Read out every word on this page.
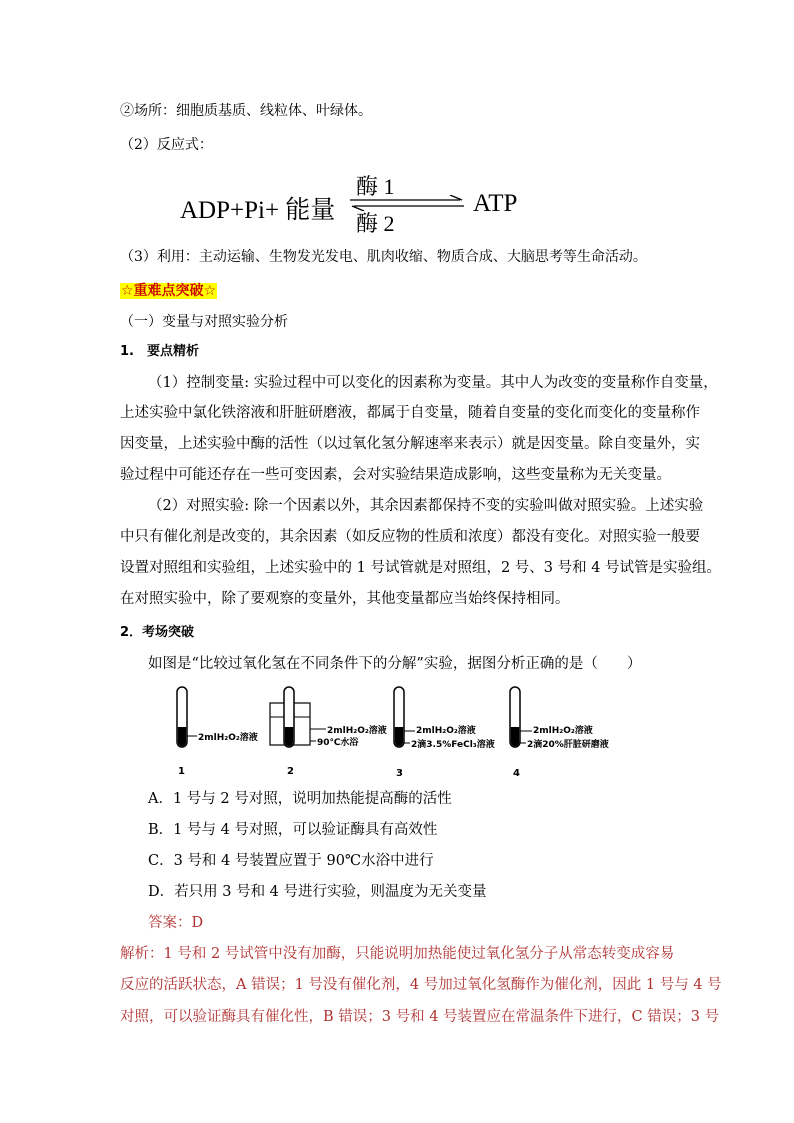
②场所：细胞质基质、线粒体、叶绿体。
（2）反应式：
ADP+Pi+ 能量
酶 1
酶 2
ATP
（3）利用：主动运输、生物发光发电、肌肉收缩、物质合成、大脑思考等生命活动。
☆重难点突破☆
（一）变量与对照实验分析
1.　要点精析
（1）控制变量: 实验过程中可以变化的因素称为变量。其中人为改变的变量称作自变量，
上述实验中氯化铁溶液和肝脏研磨液，都属于自变量，随着自变量的变化而变化的变量称作
因变量，上述实验中酶的活性（以过氧化氢分解速率来表示）就是因变量。除自变量外，实
验过程中可能还存在一些可变因素，会对实验结果造成影响，这些变量称为无关变量。
（2）对照实验: 除一个因素以外，其余因素都保持不变的实验叫做对照实验。上述实验
中只有催化剂是改变的，其余因素（如反应物的性质和浓度）都没有变化。对照实验一般要
设置对照组和实验组，上述实验中的 1 号试管就是对照组，2 号、3 号和 4 号试管是实验组。
在对照实验中，除了要观察的变量外，其他变量都应当始终保持相同。
2．考场突破
如图是“比较过氧化氢在不同条件下的分解”实验，据图分析正确的是（　　）
2mlH₂O₂溶液
1
2mlH₂O₂溶液
90℃水浴
2
2mlH₂O₂溶液
2滴3.5%FeCl₃溶液
3
2mlH₂O₂溶液
2滴20%肝脏研磨液
4
A．1 号与 2 号对照，说明加热能提高酶的活性
B．1 号与 4 号对照，可以验证酶具有高效性
C．3 号和 4 号装置应置于 90℃水浴中进行
D．若只用 3 号和 4 号进行实验，则温度为无关变量
答案：D
解析：1 号和 2 号试管中没有加酶，只能说明加热能使过氧化氢分子从常态转变成容易
反应的活跃状态，A 错误；1 号没有催化剂，4 号加过氧化氢酶作为催化剂，因此 1 号与 4 号
对照，可以验证酶具有催化性，B 错误；3 号和 4 号装置应在常温条件下进行，C 错误；3 号
